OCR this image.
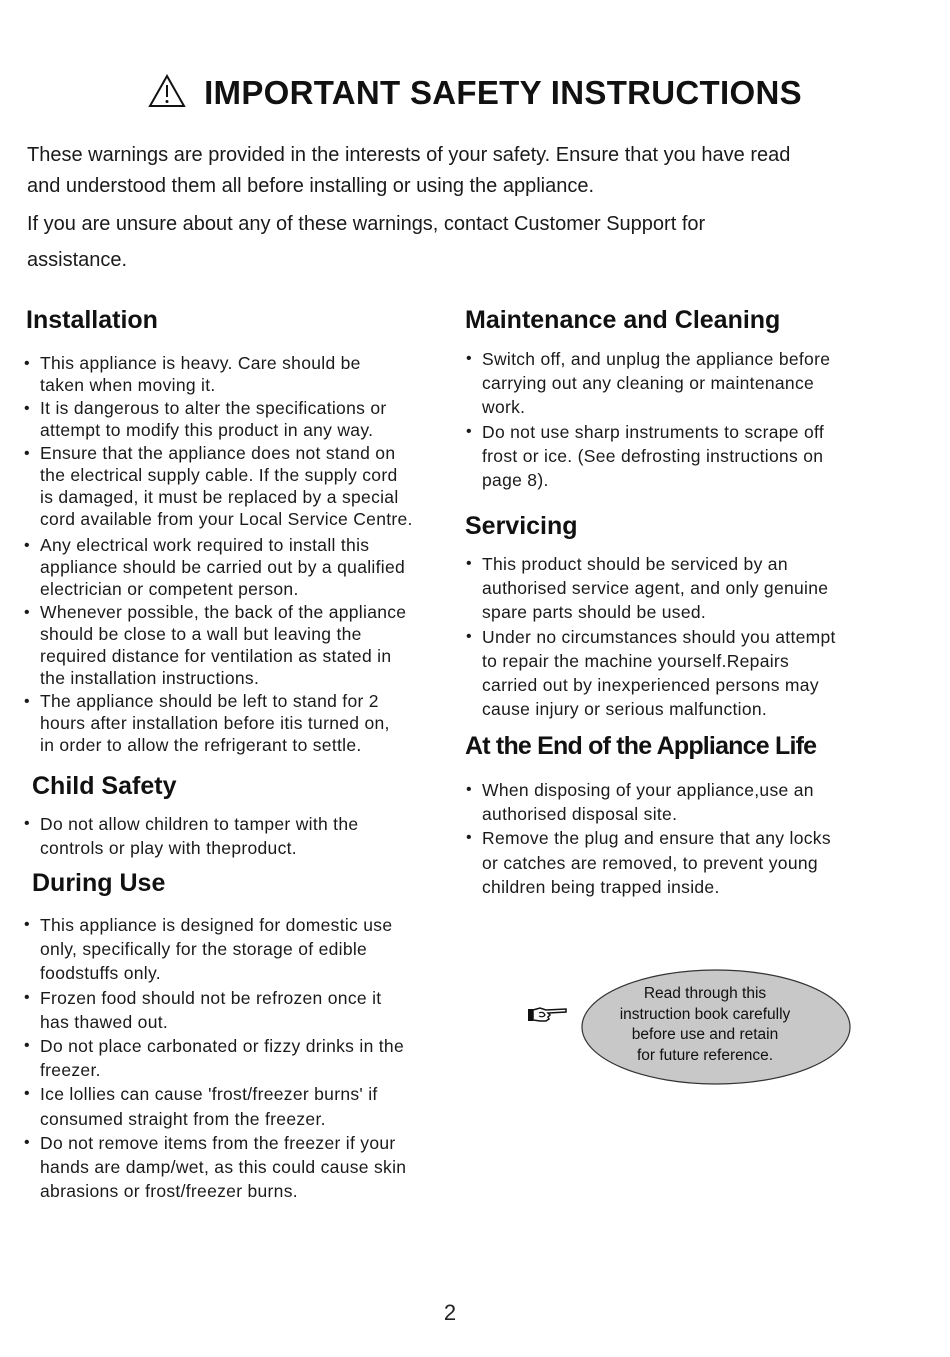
IMPORTANT SAFETY INSTRUCTIONS
These warnings are provided in the interests of your safety. Ensure that you have read
and understood them all before installing or using the appliance.
If you are unsure about any of these warnings, contact Customer Support for
assistance.
Installation
• This appliance is heavy. Care should be
taken when moving it.
• It is dangerous to alter the specifications or
attempt to modify this product in any way.
• Ensure that the appliance does not stand on
the electrical supply cable. If the supply cord
is damaged, it must be replaced by a special
cord available from your Local Service Centre.
• Any electrical work required to install this
appliance should be carried out by a qualified
electrician or competent person.
• Whenever possible, the back of the appliance
should be close to a wall but leaving the
required distance for ventilation as stated in
the installation instructions.
• The appliance should be left to stand for 2
hours after installation before itis turned on,
in order to allow the refrigerant to settle.
Child Safety
• Do not allow children to tamper with the
controls or play with theproduct.
During Use
• This appliance is designed for domestic use
only, specifically for the storage of edible
foodstuffs only.
• Frozen food should not be refrozen once it
has thawed out.
• Do not place carbonated or fizzy drinks in the
freezer.
• Ice lollies can cause 'frost/freezer burns' if
consumed straight from the freezer.
• Do not remove items from the freezer if your
hands are damp/wet, as this could cause skin
abrasions or frost/freezer burns.
Maintenance and Cleaning
• Switch off, and unplug the appliance before
carrying out any cleaning or maintenance
work.
• Do not use sharp instruments to scrape off
frost or ice. (See defrosting instructions on
page 8).
Servicing
• This product should be serviced by an
authorised service agent, and only genuine
spare parts should be used.
• Under no circumstances should you attempt
to repair the machine yourself.Repairs
carried out by inexperienced persons may
cause injury or serious malfunction.
At the End of the Appliance Life
• When disposing of your appliance,use an
authorised disposal site.
• Remove the plug and ensure that any locks
or catches are removed, to prevent young
children being trapped inside.
Read through this
instruction book carefully
before use and retain
for future reference.
2
